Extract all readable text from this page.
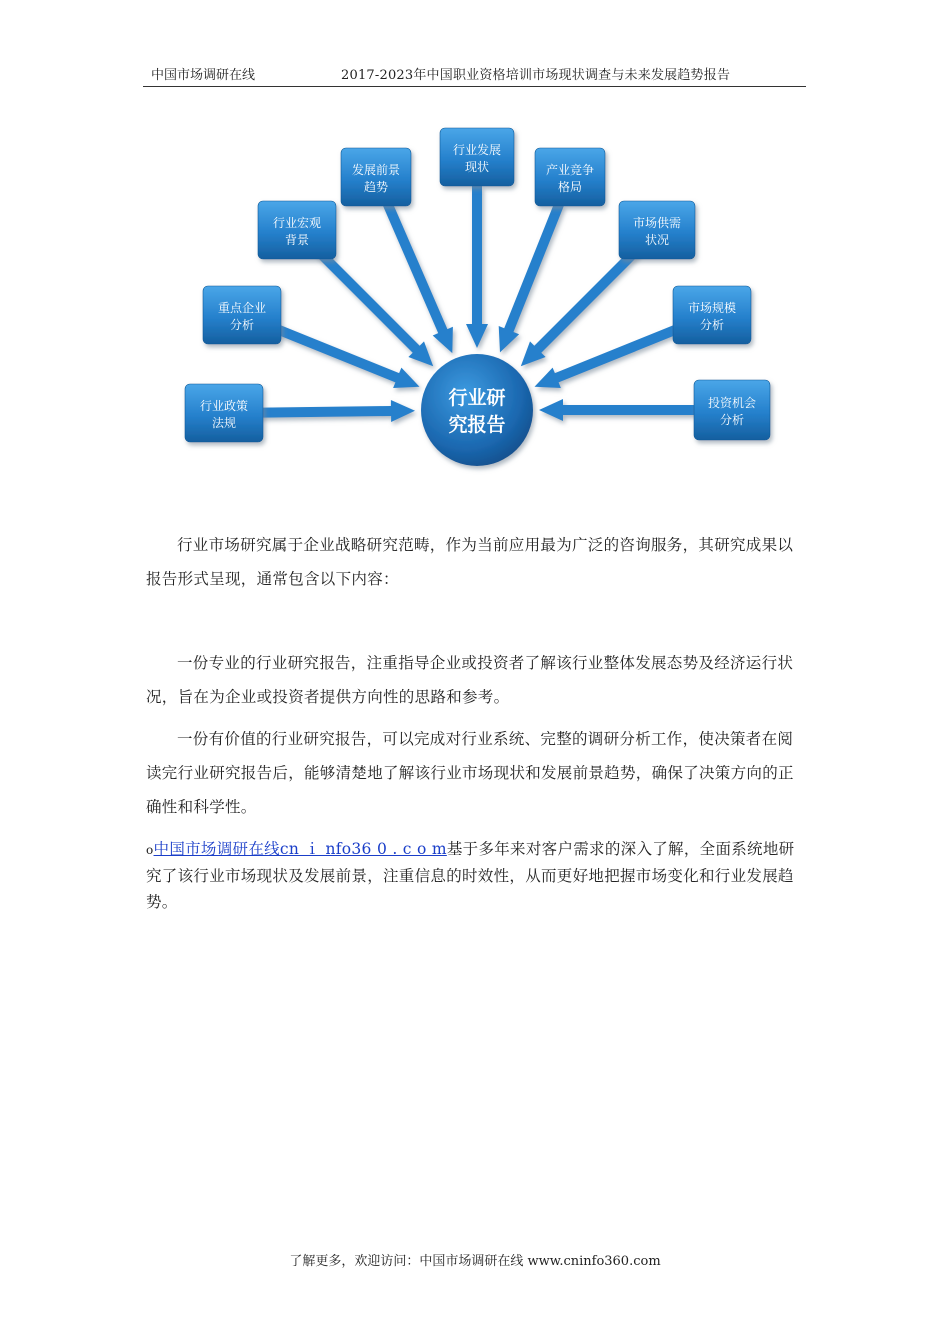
中国市场调研在线	2017-2023年中国职业资格培训市场现状调查与未来发展趋势报告
行业政策
法规
重点企业
分析
行业宏观
背景
发展前景
趋势
行业发展
现状	产业竞争
格局
市场供需
状况
市场规模
分析
投资机会
分析
行业研
究报告

行业市场研究属于企业战略研究范畴，作为当前应用最为广泛的咨询服务，其研究成果以报告形式呈现，通常包含以下内容：

一份专业的行业研究报告，注重指导企业或投资者了解该行业整体发展态势及经济运行状况，旨在为企业或投资者提供方向性的思路和参考。

一份有价值的行业研究报告，可以完成对行业系统、完整的调研分析工作，使决策者在阅读完行业研究报告后，能够清楚地了解该行业市场现状和发展前景趋势，确保了决策方向的正确性和科学性。

o中国市场调研在线cn ｉ nfo36 0 . c o m基于多年来对客户需求的深入了解，全面系统地研究了该行业市场现状及发展前景，注重信息的时效性，从而更好地把握市场变化和行业发展趋势。

了解更多，欢迎访问：中国市场调研在线 www.cninfo360.com
